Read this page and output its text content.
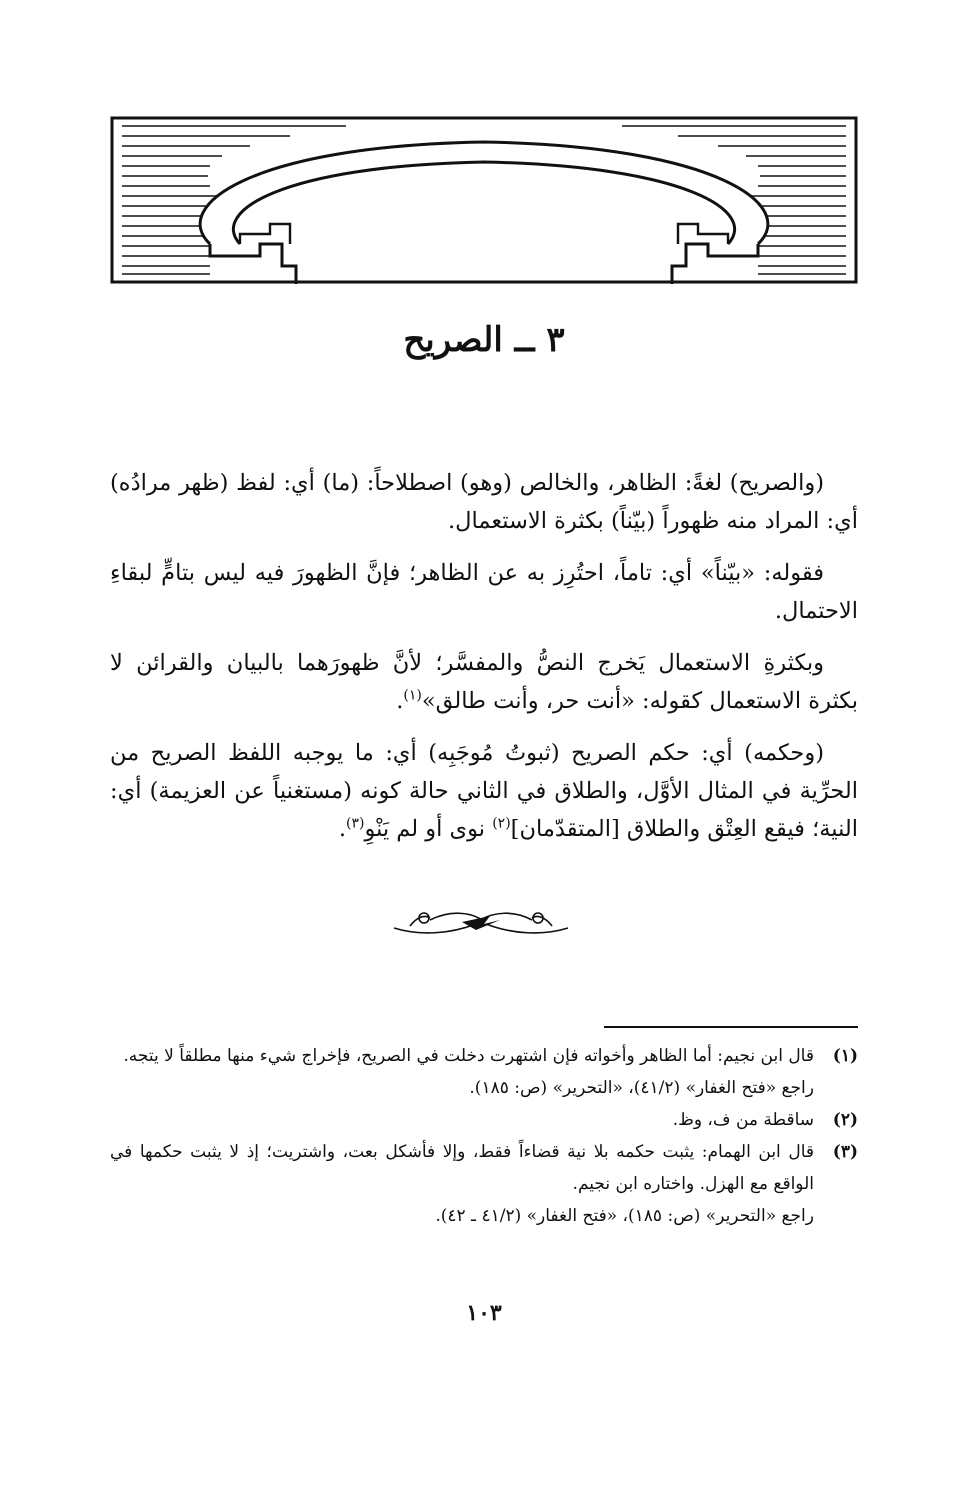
٣ ــ الصريح

(والصريح) لغةً: الظاهر، والخالص (وهو) اصطلاحاً: (ما) أي: لفظ (ظهر مرادُه) أي: المراد منه ظهوراً (بيّناً) بكثرة الاستعمال.

فقوله: «بيّناً» أي: تاماً، احتُرِز به عن الظاهر؛ فإنَّ الظهورَ فيه ليس بتامٍّ لبقاءِ الاحتمال.

وبكثرةِ الاستعمال يَخرج النصُّ والمفسَّر؛ لأنَّ ظهورَهما بالبيان والقرائن لا بكثرة الاستعمال كقوله: «أنت حر، وأنت طالق»$^{(١)}$.

(وحكمه) أي: حكم الصريح (ثبوتُ مُوجَبِه) أي: ما يوجبه اللفظ الصريح من الحرِّية في المثال الأوَّل، والطلاق في الثاني حالة كونه (مستغنياً عن العزيمة) أي: النية؛ فيقع العِتْق والطلاق [المتقدّمان]$^{(٢)}$ نوى أو لم يَنْوِ$^{(٣)}$.

(١)

قال ابن نجيم: أما الظاهر وأخواته فإن اشتهرت دخلت في الصريح، فإخراج شيء منها مطلقاً لا يتجه.

راجع «فتح الغفار» (٤١/٢)، «التحرير» (ص: ١٨٥).

(٢)

ساقطة من ف، وظ.

(٣)

قال ابن الهمام: يثبت حكمه بلا نية قضاءاً فقط، وإلا فأشكل بعت، واشتريت؛ إذ لا يثبت حكمها في الواقع مع الهزل. واختاره ابن نجيم.

راجع «التحرير» (ص: ١٨٥)، «فتح الغفار» (٤١/٢ ـ ٤٢).

١٠٣
